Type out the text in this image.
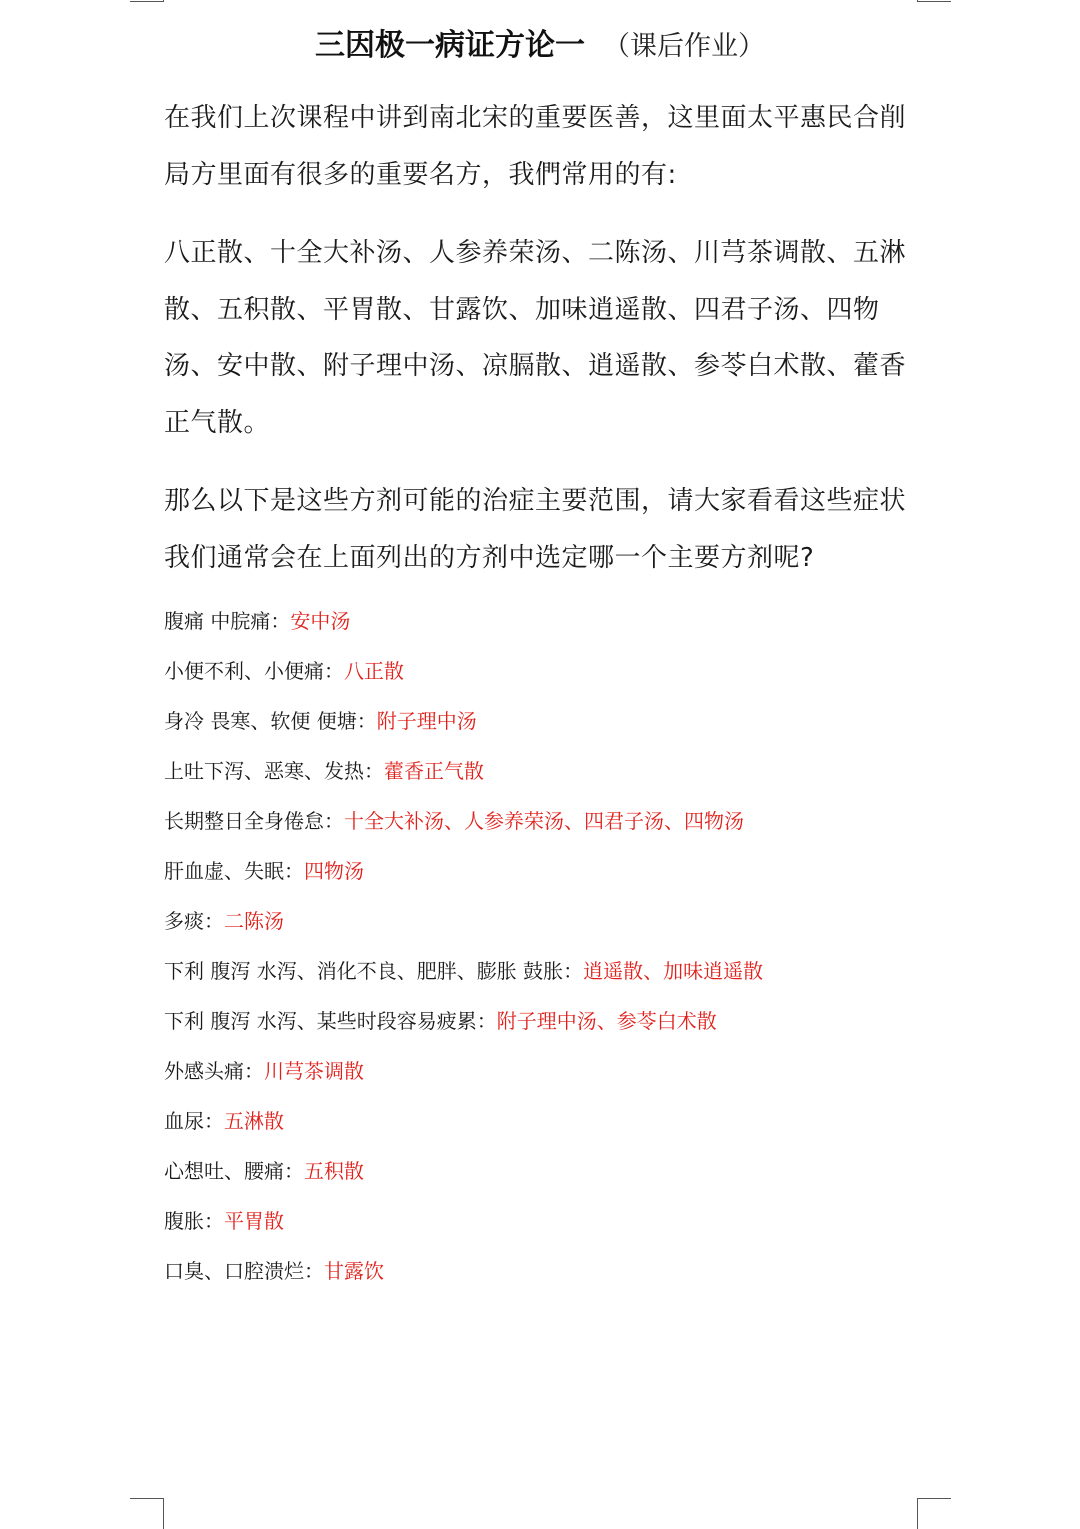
三因极一病证方论一 （课后作业）
在我们上次课程中讲到南北宋的重要医善，这里面太平惠民合削局方里面有很多的重要名方，我們常用的有:
八正散、十全大补汤、人参养荣汤、二陈汤、川芎茶调散、五淋散、五积散、平胃散、甘露饮、加味逍遥散、四君子汤、四物汤、安中散、附子理中汤、凉膈散、逍遥散、参苓白术散、藿香正气散。
那么以下是这些方剂可能的治症主要范围，请大家看看这些症状我们通常会在上面列出的方剂中选定哪一个主要方剂呢?
腹痛 中脘痛：安中汤
小便不利、小便痛：八正散
身冷 畏寒、软便 便塘：附子理中汤
上吐下泻、恶寒、发热：藿香正气散
长期整日全身倦怠：十全大补汤、人参养荣汤、四君子汤、四物汤
肝血虚、失眠：四物汤
多痰：二陈汤
下利 腹泻 水泻、消化不良、肥胖、膨胀 鼓胀：逍遥散、加味逍遥散
下利 腹泻 水泻、某些时段容易疲累：附子理中汤、参苓白术散
外感头痛：川芎茶调散
血尿：五淋散
心想吐、腰痛：五积散
腹胀：平胃散
口臭、口腔溃烂：甘露饮
